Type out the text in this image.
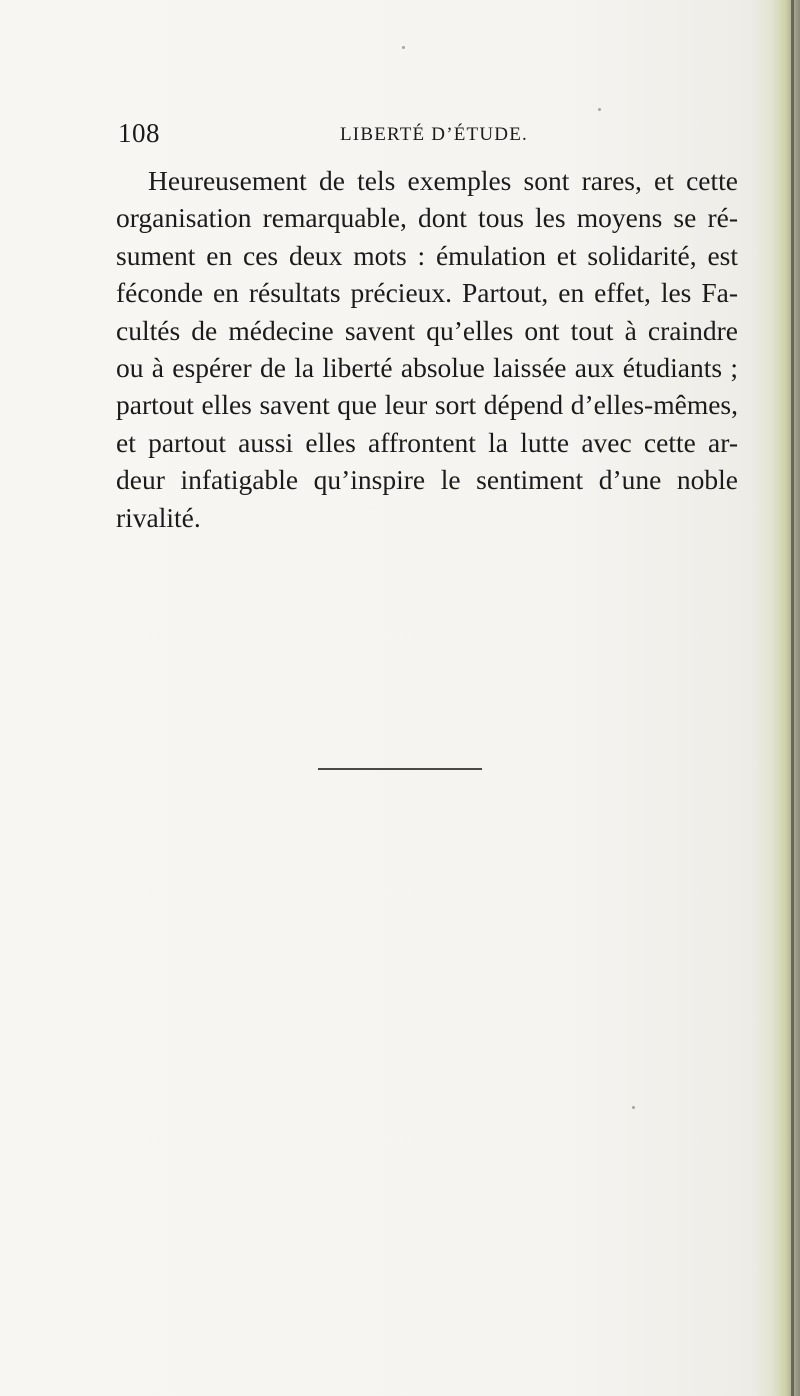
108	LIBERTÉ D’ÉTUDE.
Heureusement de tels exemples sont rares, et cette
organisation remarquable, dont tous les moyens se ré-
sument en ces deux mots : émulation et solidarité, est
féconde en résultats précieux. Partout, en effet, les Fa-
cultés de médecine savent qu’elles ont tout à craindre
ou à espérer de la liberté absolue laissée aux étudiants ;
partout elles savent que leur sort dépend d’elles-mêmes,
et partout aussi elles affrontent la lutte avec cette ar-
deur infatigable qu’inspire le sentiment d’une noble
rivalité.
